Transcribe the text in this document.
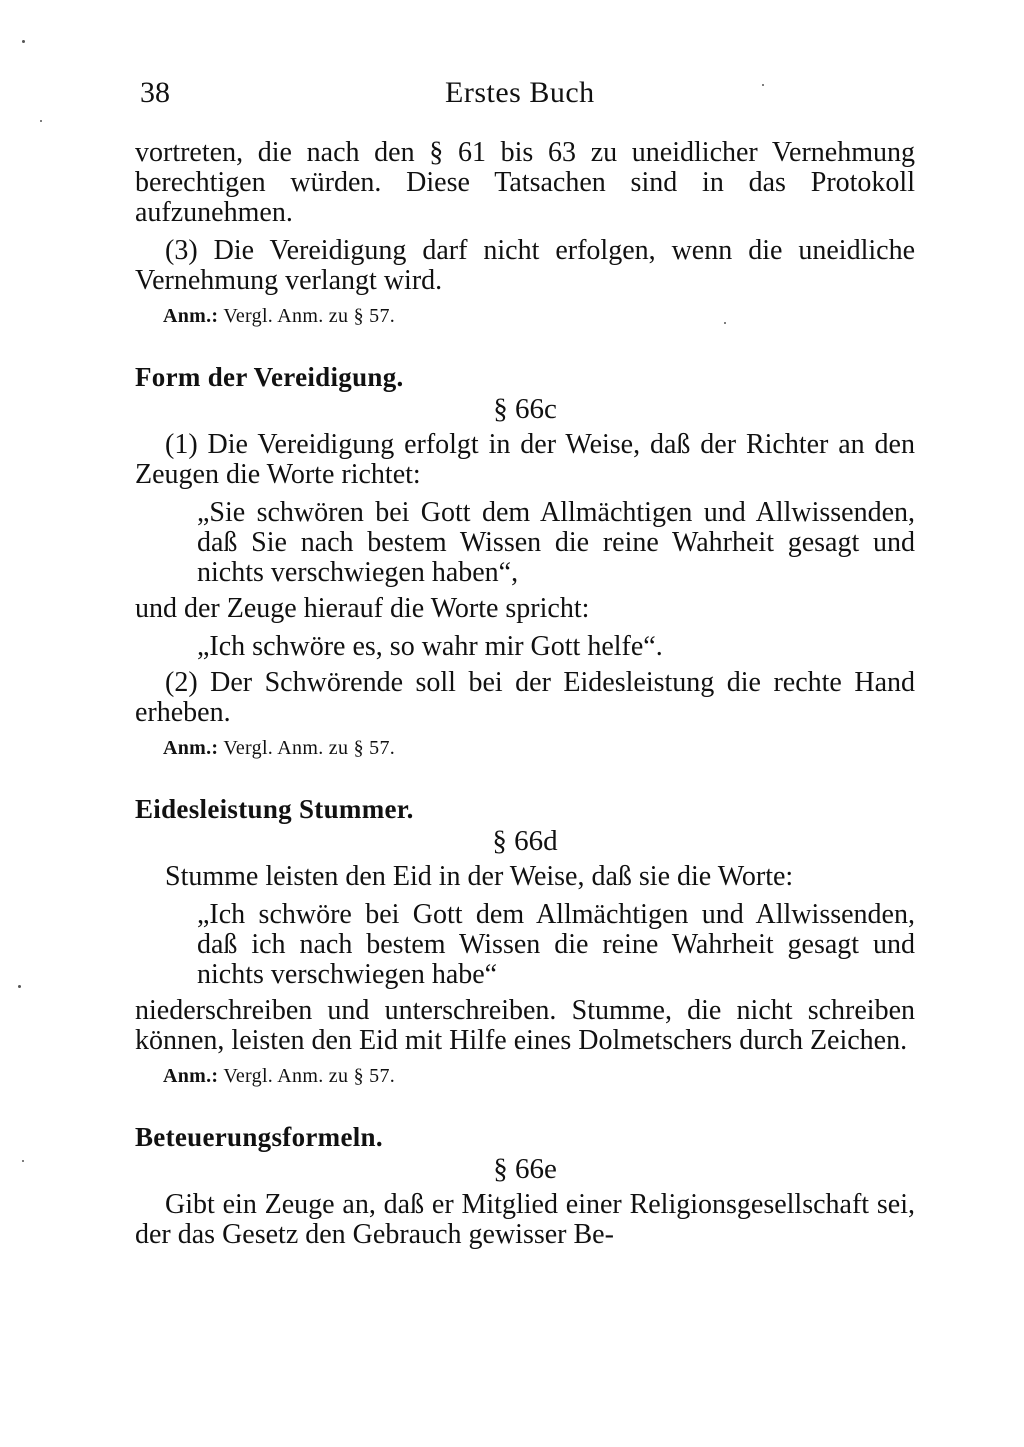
38	Erstes Buch

vortreten, die nach den § 61 bis 63 zu uneidlicher Vernehmung berechtigen würden. Diese Tatsachen sind in das Protokoll aufzunehmen.

(3) Die Vereidigung darf nicht erfolgen, wenn die uneidliche Vernehmung verlangt wird.

Anm.: Vergl. Anm. zu § 57.
Form der Vereidigung.
§ 66c

(1) Die Vereidigung erfolgt in der Weise, daß der Richter an den Zeugen die Worte richtet:

„Sie schwören bei Gott dem Allmächtigen und Allwissenden, daß Sie nach bestem Wissen die reine Wahrheit gesagt und nichts verschwiegen haben“,

und der Zeuge hierauf die Worte spricht:

„Ich schwöre es, so wahr mir Gott helfe“.

(2) Der Schwörende soll bei der Eidesleistung die rechte Hand erheben.

Anm.: Vergl. Anm. zu § 57.
Eidesleistung Stummer.
§ 66d

Stumme leisten den Eid in der Weise, daß sie die Worte:

„Ich schwöre bei Gott dem Allmächtigen und Allwissenden, daß ich nach bestem Wissen die reine Wahrheit gesagt und nichts verschwiegen habe“

niederschreiben und unterschreiben. Stumme, die nicht schreiben können, leisten den Eid mit Hilfe eines Dolmetschers durch Zeichen.

Anm.: Vergl. Anm. zu § 57.
Beteuerungsformeln.
§ 66e

Gibt ein Zeuge an, daß er Mitglied einer Religionsgesellschaft sei, der das Gesetz den Gebrauch gewisser Be-
